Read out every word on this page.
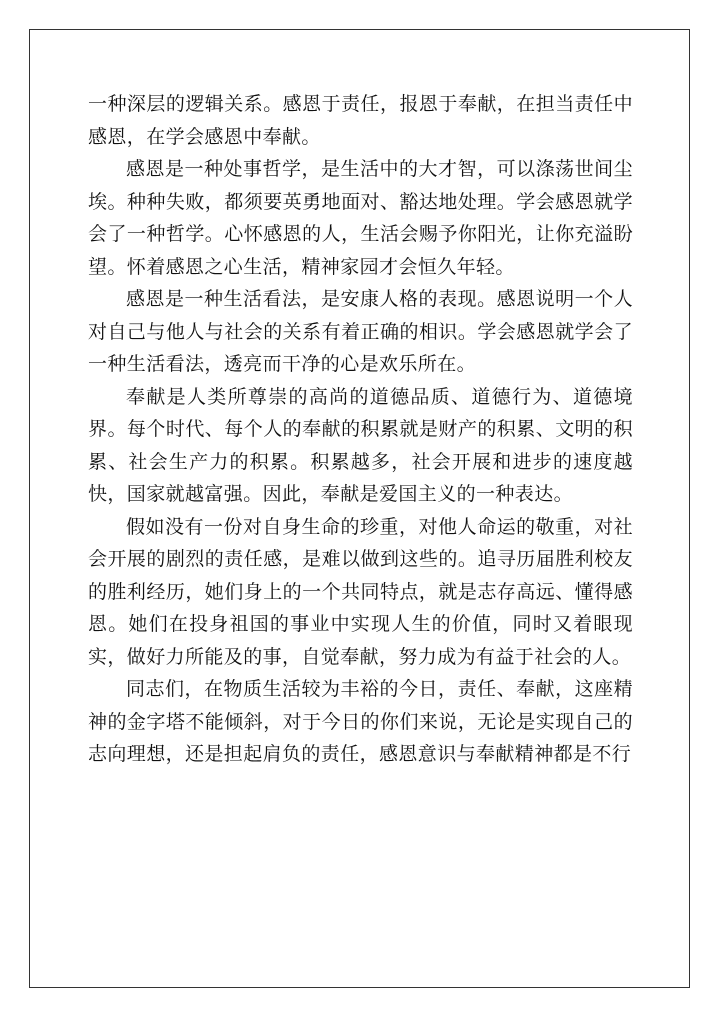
一种深层的逻辑关系。感恩于责任，报恩于奉献，在担当责任中感恩，在学会感恩中奉献。

感恩是一种处事哲学，是生活中的大才智，可以涤荡世间尘埃。种种失败，都须要英勇地面对、豁达地处理。学会感恩就学会了一种哲学。心怀感恩的人，生活会赐予你阳光，让你充溢盼望。怀着感恩之心生活，精神家园才会恒久年轻。

感恩是一种生活看法，是安康人格的表现。感恩说明一个人对自己与他人与社会的关系有着正确的相识。学会感恩就学会了一种生活看法，透亮而干净的心是欢乐所在。

奉献是人类所尊崇的高尚的道德品质、道德行为、道德境界。每个时代、每个人的奉献的积累就是财产的积累、文明的积累、社会生产力的积累。积累越多，社会开展和进步的速度越快，国家就越富强。因此，奉献是爱国主义的一种表达。

假如没有一份对自身生命的珍重，对他人命运的敬重，对社会开展的剧烈的责任感，是难以做到这些的。追寻历届胜利校友的胜利经历，她们身上的一个共同特点，就是志存高远、懂得感恩。她们在投身祖国的事业中实现人生的价值，同时又着眼现实，做好力所能及的事，自觉奉献，努力成为有益于社会的人。

同志们，在物质生活较为丰裕的今日，责任、奉献，这座精神的金字塔不能倾斜，对于今日的你们来说，无论是实现自己的志向理想，还是担起肩负的责任，感恩意识与奉献精神都是不行
